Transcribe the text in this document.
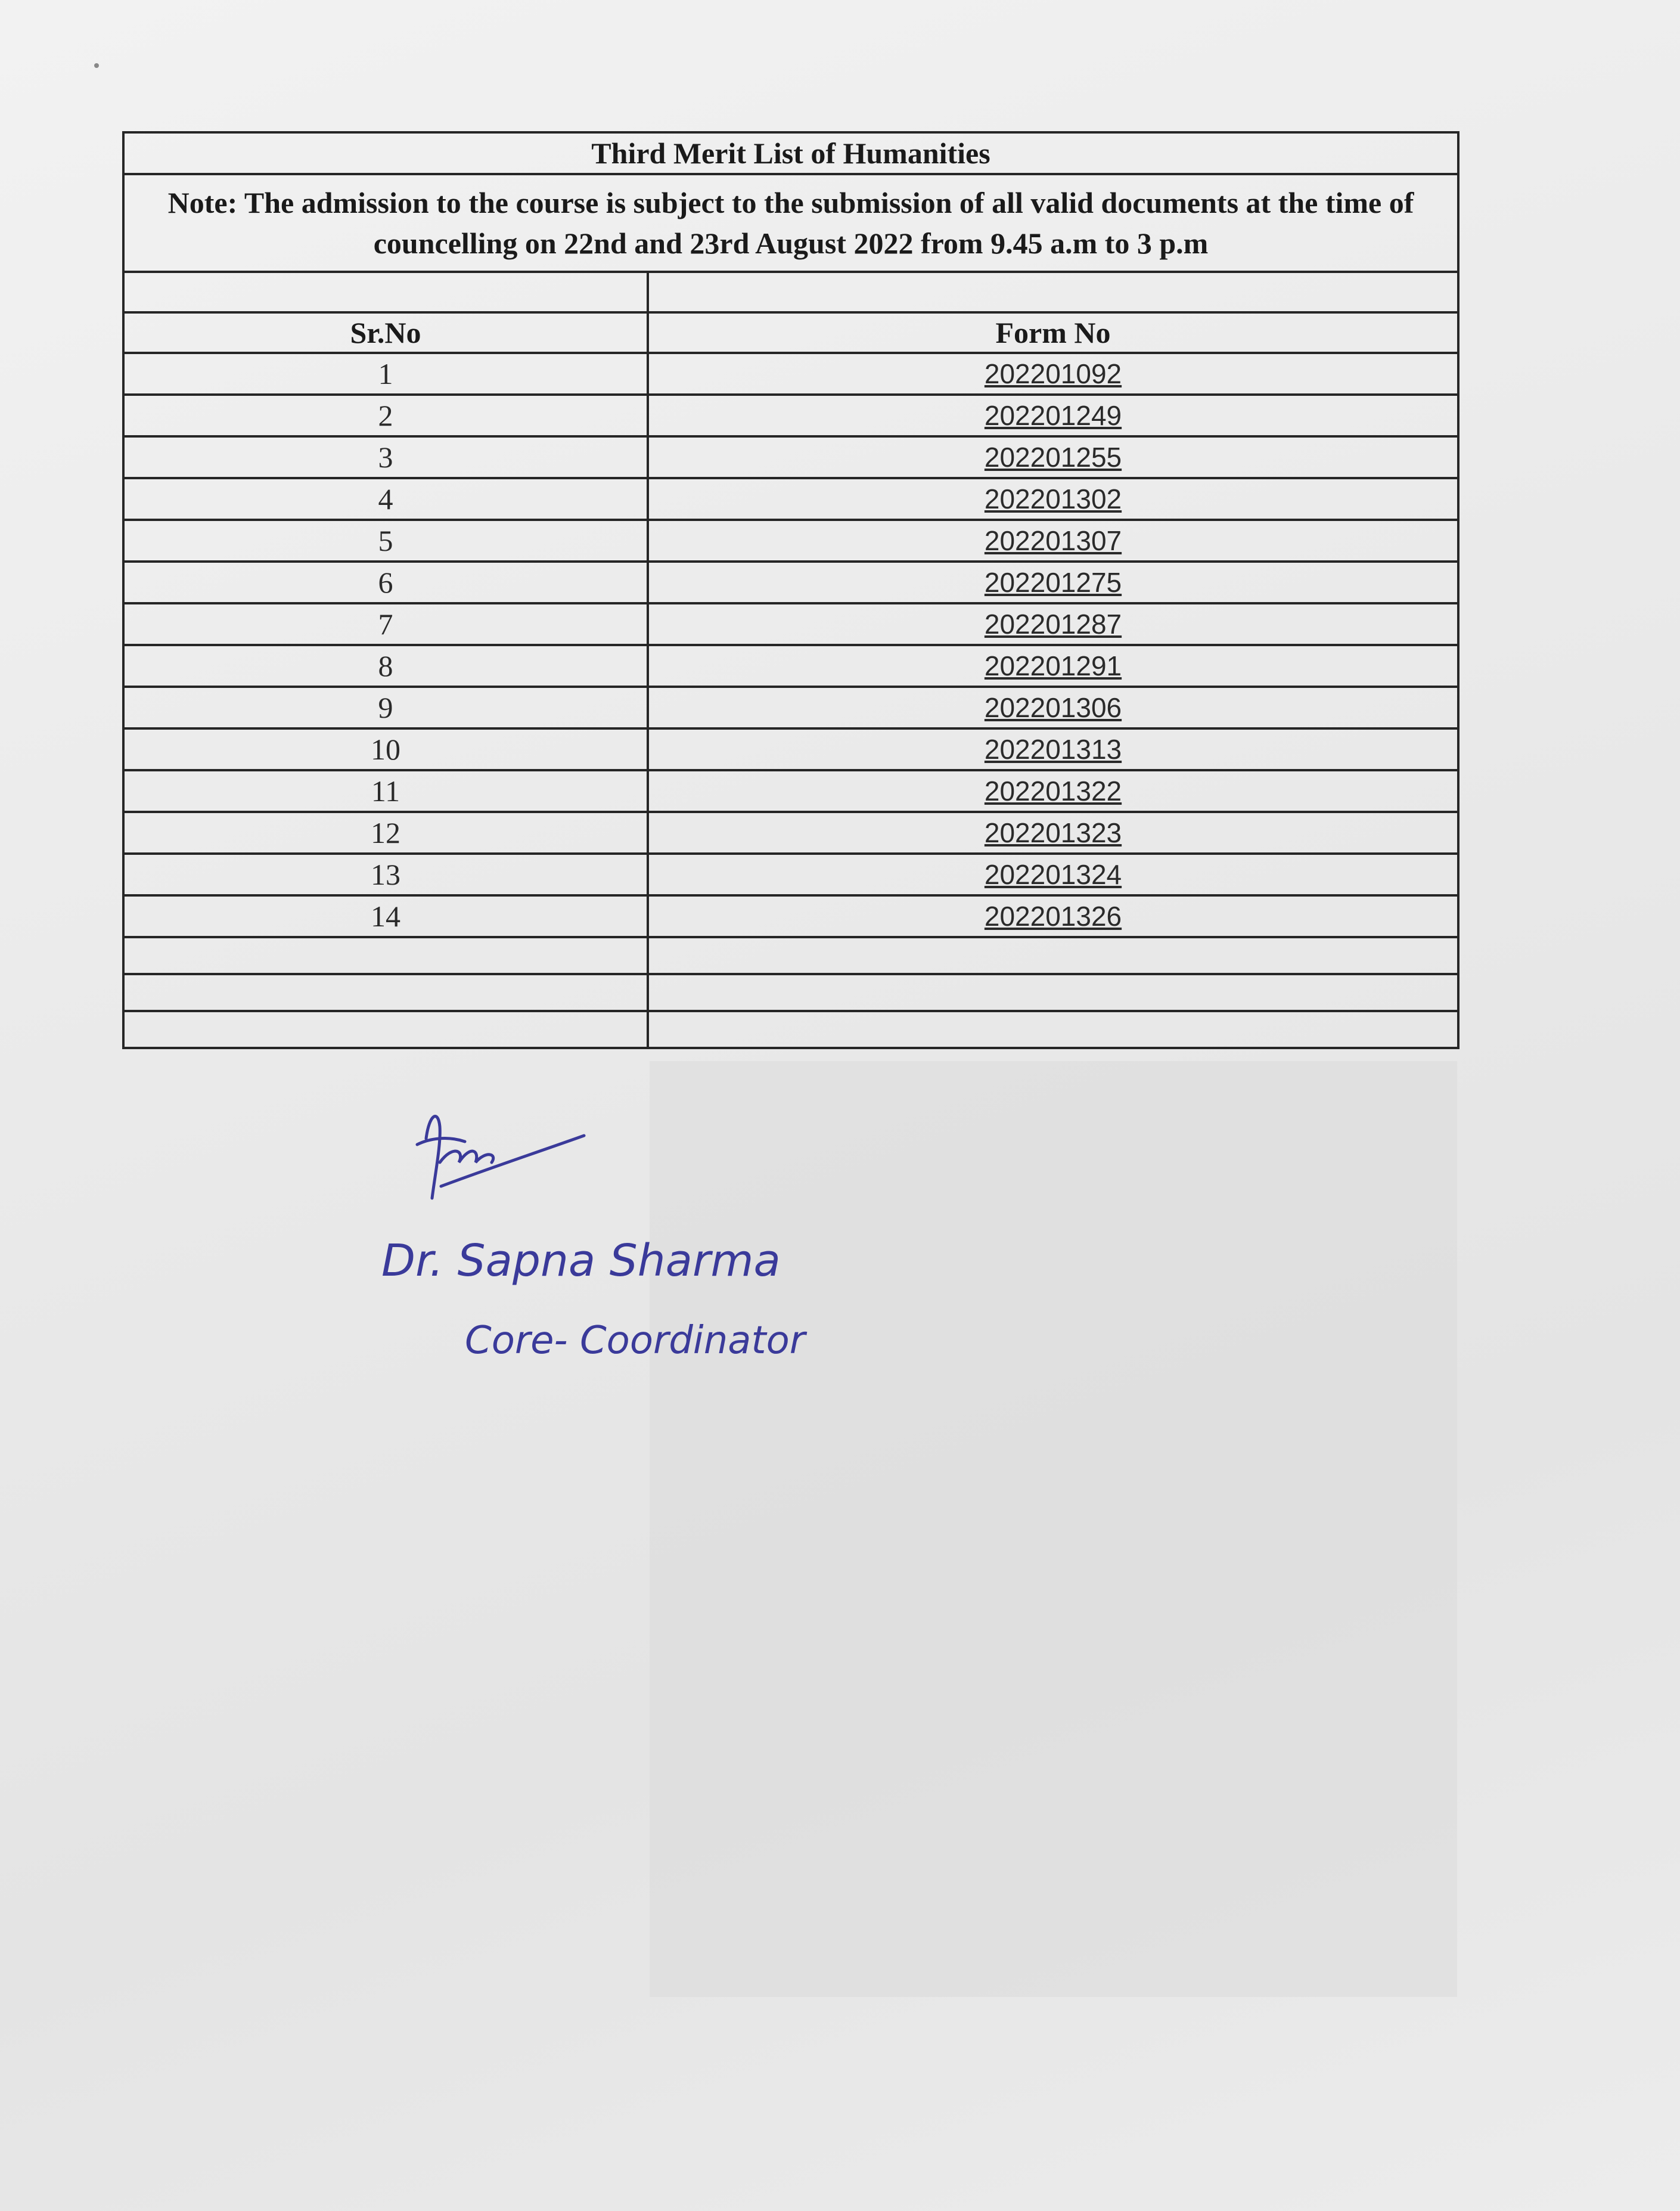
Third Merit List of Humanities	
Note: The admission to the course is subject to the submission of all valid documents at the time of councelling on 22nd and 23rd August 2022 from 9.45 a.m to 3 p.m	

Sr.No	Form No
1	202201092
2	202201249
3	202201255
4	202201302
5	202201307
6	202201275
7	202201287
8	202201291
9	202201306
10	202201313
11	202201322
12	202201323
13	202201324
14	202201326

Dr. Sapna Sharma
Core- Coordinator
